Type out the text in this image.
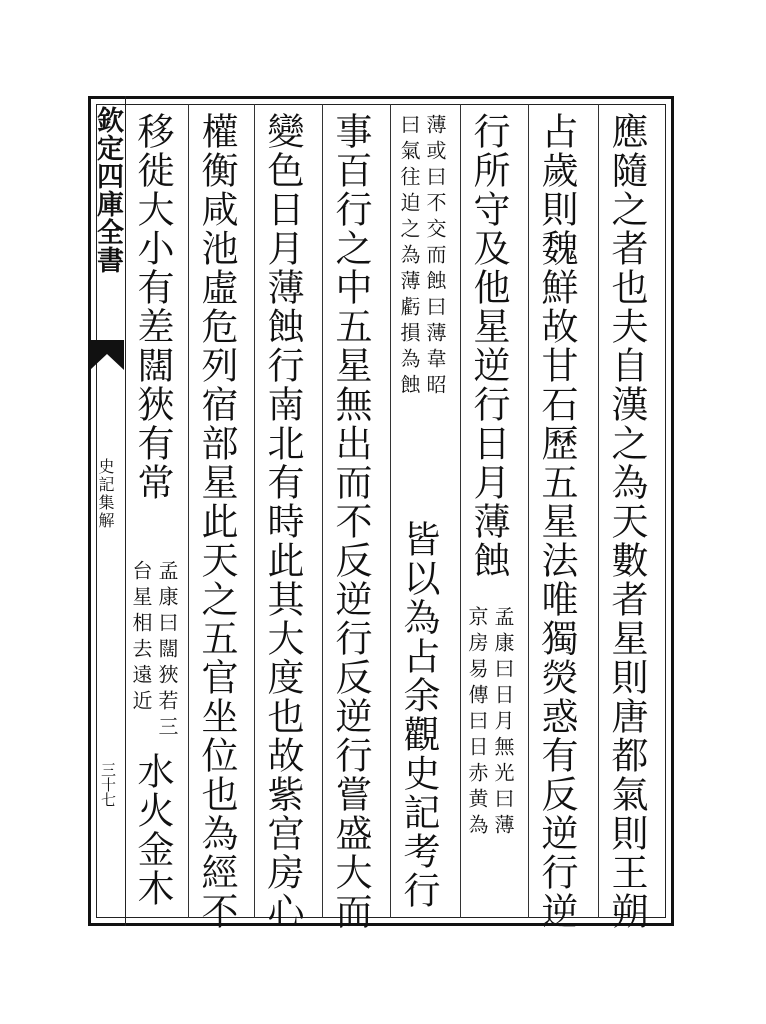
欽定四庫全書
史記集解
三十七	應隨之者也夫自漢之為天數者星則唐都氣則王朔
占歲則魏鮮故甘石歷五星法唯獨熒惑有反逆行逆
行所守及他星逆行日月薄蝕
孟康曰日月無光曰薄
京房易傳曰日赤黄為
薄或曰不交而蝕曰薄韋昭
曰氣往迫之為薄虧損為蝕
皆以為占余觀史記考行
事百行之中五星無出而不反逆行反逆行嘗盛大而
變色日月薄蝕行南北有時此其大度也故紫宫房心
權衡咸池虛危列宿部星此天之五官坐位也為經不
移徙大小有差闊狹有常
孟康曰闊狹若三
台星相去遠近
水火金木
